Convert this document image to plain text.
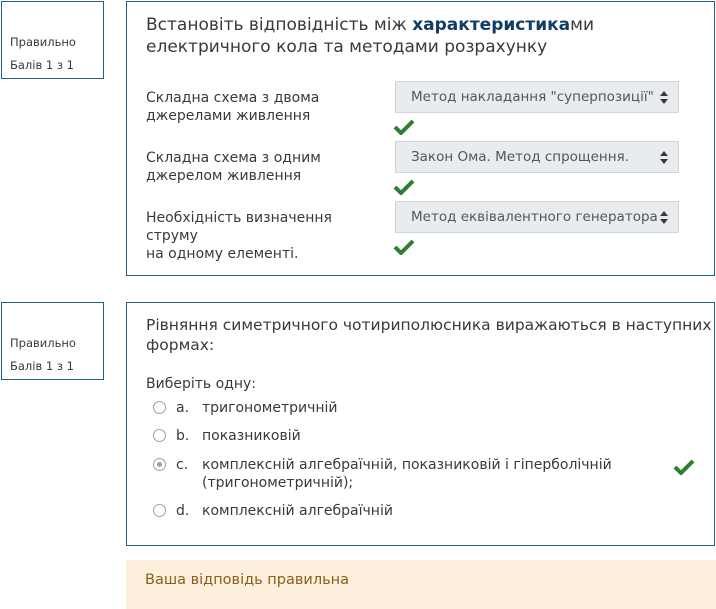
Правильно
Балів 1 з 1
Встановіть відповідність між характеристиками
електричного кола та методами розрахунку
Складна схема з двома
джерелами живлення
Метод накладання "суперпозиції"
Складна схема з одним
джерелом живлення
Закон Ома. Метод спрощення.
Необхідність визначення струму
на одному елементі.
Метод еквівалентного генератора
Правильно
Балів 1 з 1
Рівняння симетричного чотириполюсника виражаються в наступних
формах:
Виберіть одну:
a. тригонометричній
b. показниковій
c. комплексній алгебраїчній, показниковій і гіперболічній
(тригонометричній);
d. комплексній алгебраїчній
Ваша відповідь правильна
